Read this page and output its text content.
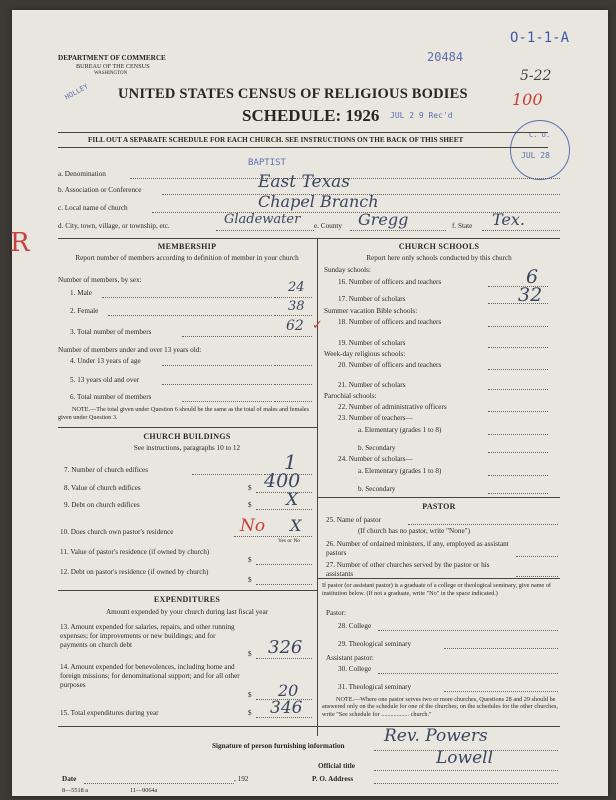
DEPARTMENT OF COMMERCE
BUREAU OF THE CENSUS
WASHINGTON
HOLLEY UNITED STATES CENSUS OF RELIGIOUS BODIES
SCHEDULE: 1926 JUL 2 9 Rec'd
20484
O-1-1-A
5-22
100
C. O.
JUL 28
FILL OUT A SEPARATE SCHEDULE FOR EACH CHURCH. SEE INSTRUCTIONS ON THE BACK OF THIS SHEET
a. Denomination
BAPTIST
b. Association or Conference	East Texas
c. Local name of church	Chapel Branch
d. City, town, village, or township, etc.	Gladewater e. County Gregg	f. State Tex.
R	MEMBERSHIP
Report number of members according to definition of member in your church
Number of members, by sex:
1. Male	24
2. Female	38
3. Total number of members	62 ✓
Number of members under and over 13 years old:
4. Under 13 years of age
5. 13 years old and over
6. Total number of members
NOTE.—The total given under Question 6 should be the same as the total of males and females given under Question 3.
CHURCH BUILDINGS
See instructions, paragraphs 10 to 12
7. Number of church edifices	1
8. Value of church edifices	$ 400
9. Debt on church edifices	$ X
10. Does church own pastor's residence	No X
Yes or No
11. Value of pastor's residence (if owned by church)
$
12. Debt on pastor's residence (if owned by church)
$
EXPENDITURES
Amount expended by your church during last fiscal year
13. Amount expended for salaries, repairs, and other running expenses; for improvements or new buildings; and for payments on church debt
$ 326
14. Amount expended for benevolences, including home and foreign missions; for denominational support; and for all other purposes
$ 20
15. Total expenditures during year	$ 346
CHURCH SCHOOLS
Report here only schools conducted by this church
Sunday schools:
16. Number of officers and teachers	6
17. Number of scholars	32
Summer vacation Bible schools:
18. Number of officers and teachers
19. Number of scholars
Week-day religious schools:
20. Number of officers and teachers
21. Number of scholars
Parochial schools:
22. Number of administrative officers
23. Number of teachers—
a. Elementary (grades 1 to 8)
b. Secondary
24. Number of scholars—
a. Elementary (grades 1 to 8)
b. Secondary
PASTOR
25. Name of pastor
(If church has no pastor, write "None")
26. Number of ordained ministers, if any, employed as assistant pastors
27. Number of other churches served by the pastor or his assistants
If pastor (or assistant pastor) is a graduate of a college or theological seminary, give name of institution below. (If not a graduate, write "No" in the space indicated.)
Pastor:
28. College
29. Theological seminary
Assistant pastor:
30. College
31. Theological seminary
NOTE.—Where one pastor serves two or more churches, Questions 28 and 29 should be answered only on the schedule for one of the churches; on the schedules for the other churches, write "See schedule for .................. church."
Signature of person furnishing information Rev. Powers
Official title	Lowell
Date	, 192	P. O. Address
8—5518 a	11—9064a
